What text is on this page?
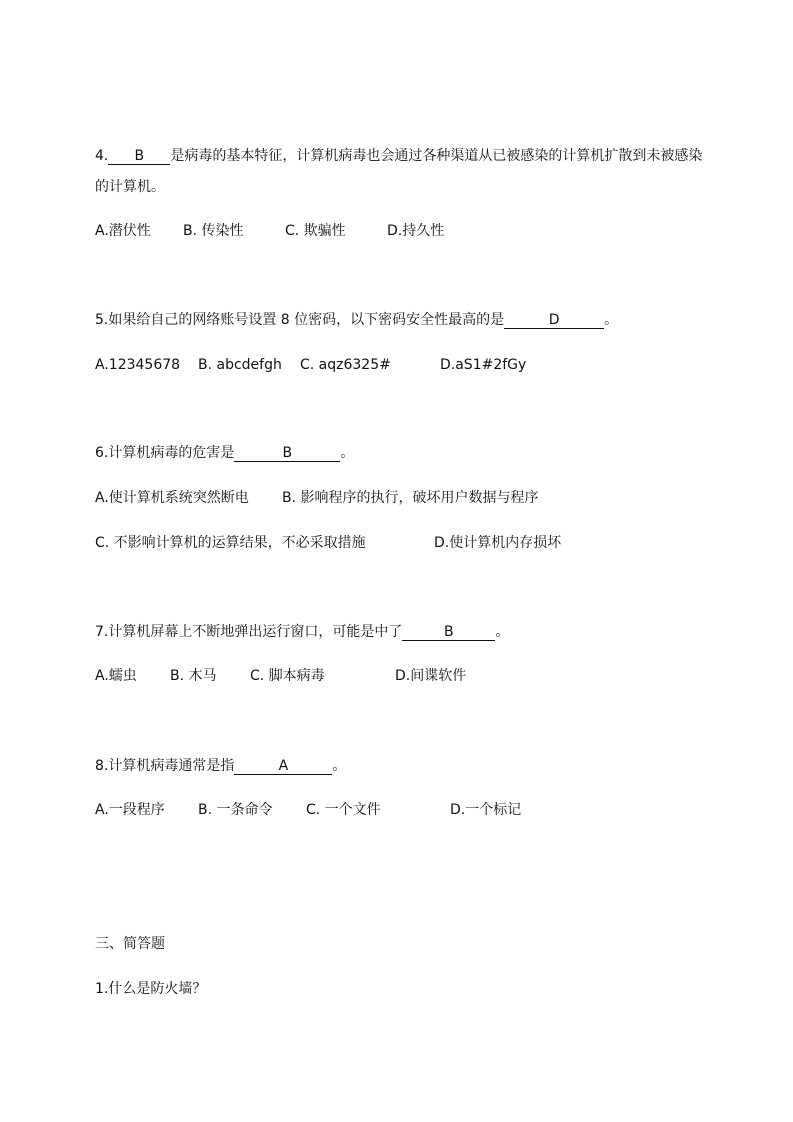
4. B 是病毒的基本特征，计算机病毒也会通过各种渠道从已被感染的计算机扩散到未被感染
的计算机。
A.潜伏性 B. 传染性	C. 欺骗性	D.持久性
5.如果给自己的网络账号设置 8 位密码，以下密码安全性最高的是	D	。
A.12345678 B. abcdefgh C. aqz6325#	D.aS1#2fGy
6.计算机病毒的危害是	B	。
A.使计算机系统突然断电 B. 影响程序的执行，破坏用户数据与程序
C. 不影响计算机的运算结果，不必采取措施	D.使计算机内存损坏
7.计算机屏幕上不断地弹出运行窗口，可能是中了	B	。
A.蠕虫 B. 木马 C. 脚本病毒	D.间谍软件
8.计算机病毒通常是指	A	。
A.一段程序 B. 一条命令 C. 一个文件	D.一个标记
三、简答题
1.什么是防火墙？
